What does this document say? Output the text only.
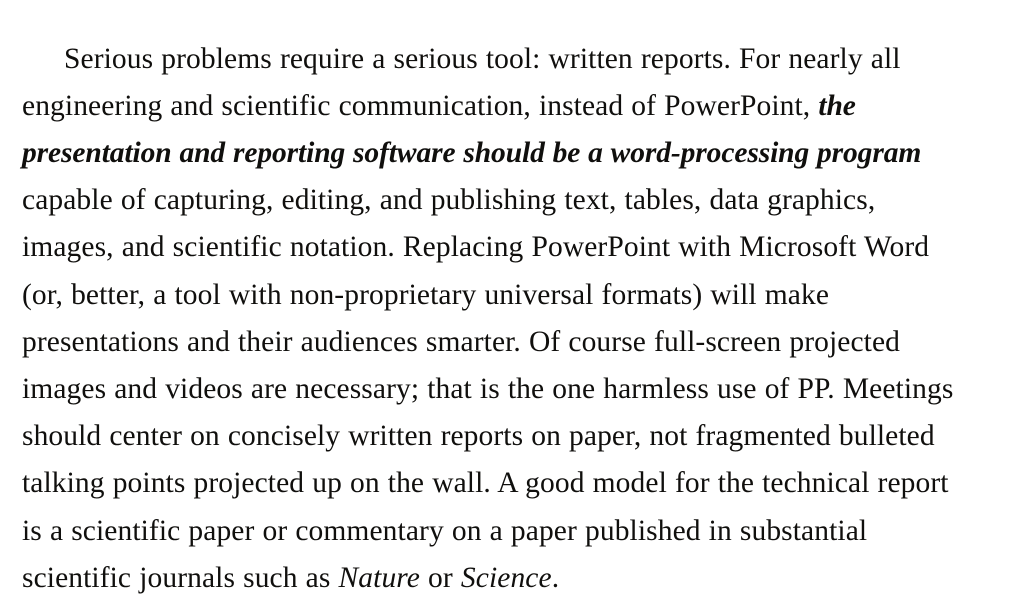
Serious problems require a serious tool: written reports. For nearly all engineering and scientific communication, instead of PowerPoint, the presentation and reporting software should be a word-processing program capable of capturing, editing, and publishing text, tables, data graphics, images, and scientific notation. Replacing PowerPoint with Microsoft Word (or, better, a tool with non-proprietary universal formats) will make presentations and their audiences smarter. Of course full-screen projected images and videos are necessary; that is the one harmless use of PP. Meetings should center on concisely written reports on paper, not fragmented bulleted talking points projected up on the wall. A good model for the technical report is a scientific paper or commentary on a paper published in substantial scientific journals such as Nature or Science.
